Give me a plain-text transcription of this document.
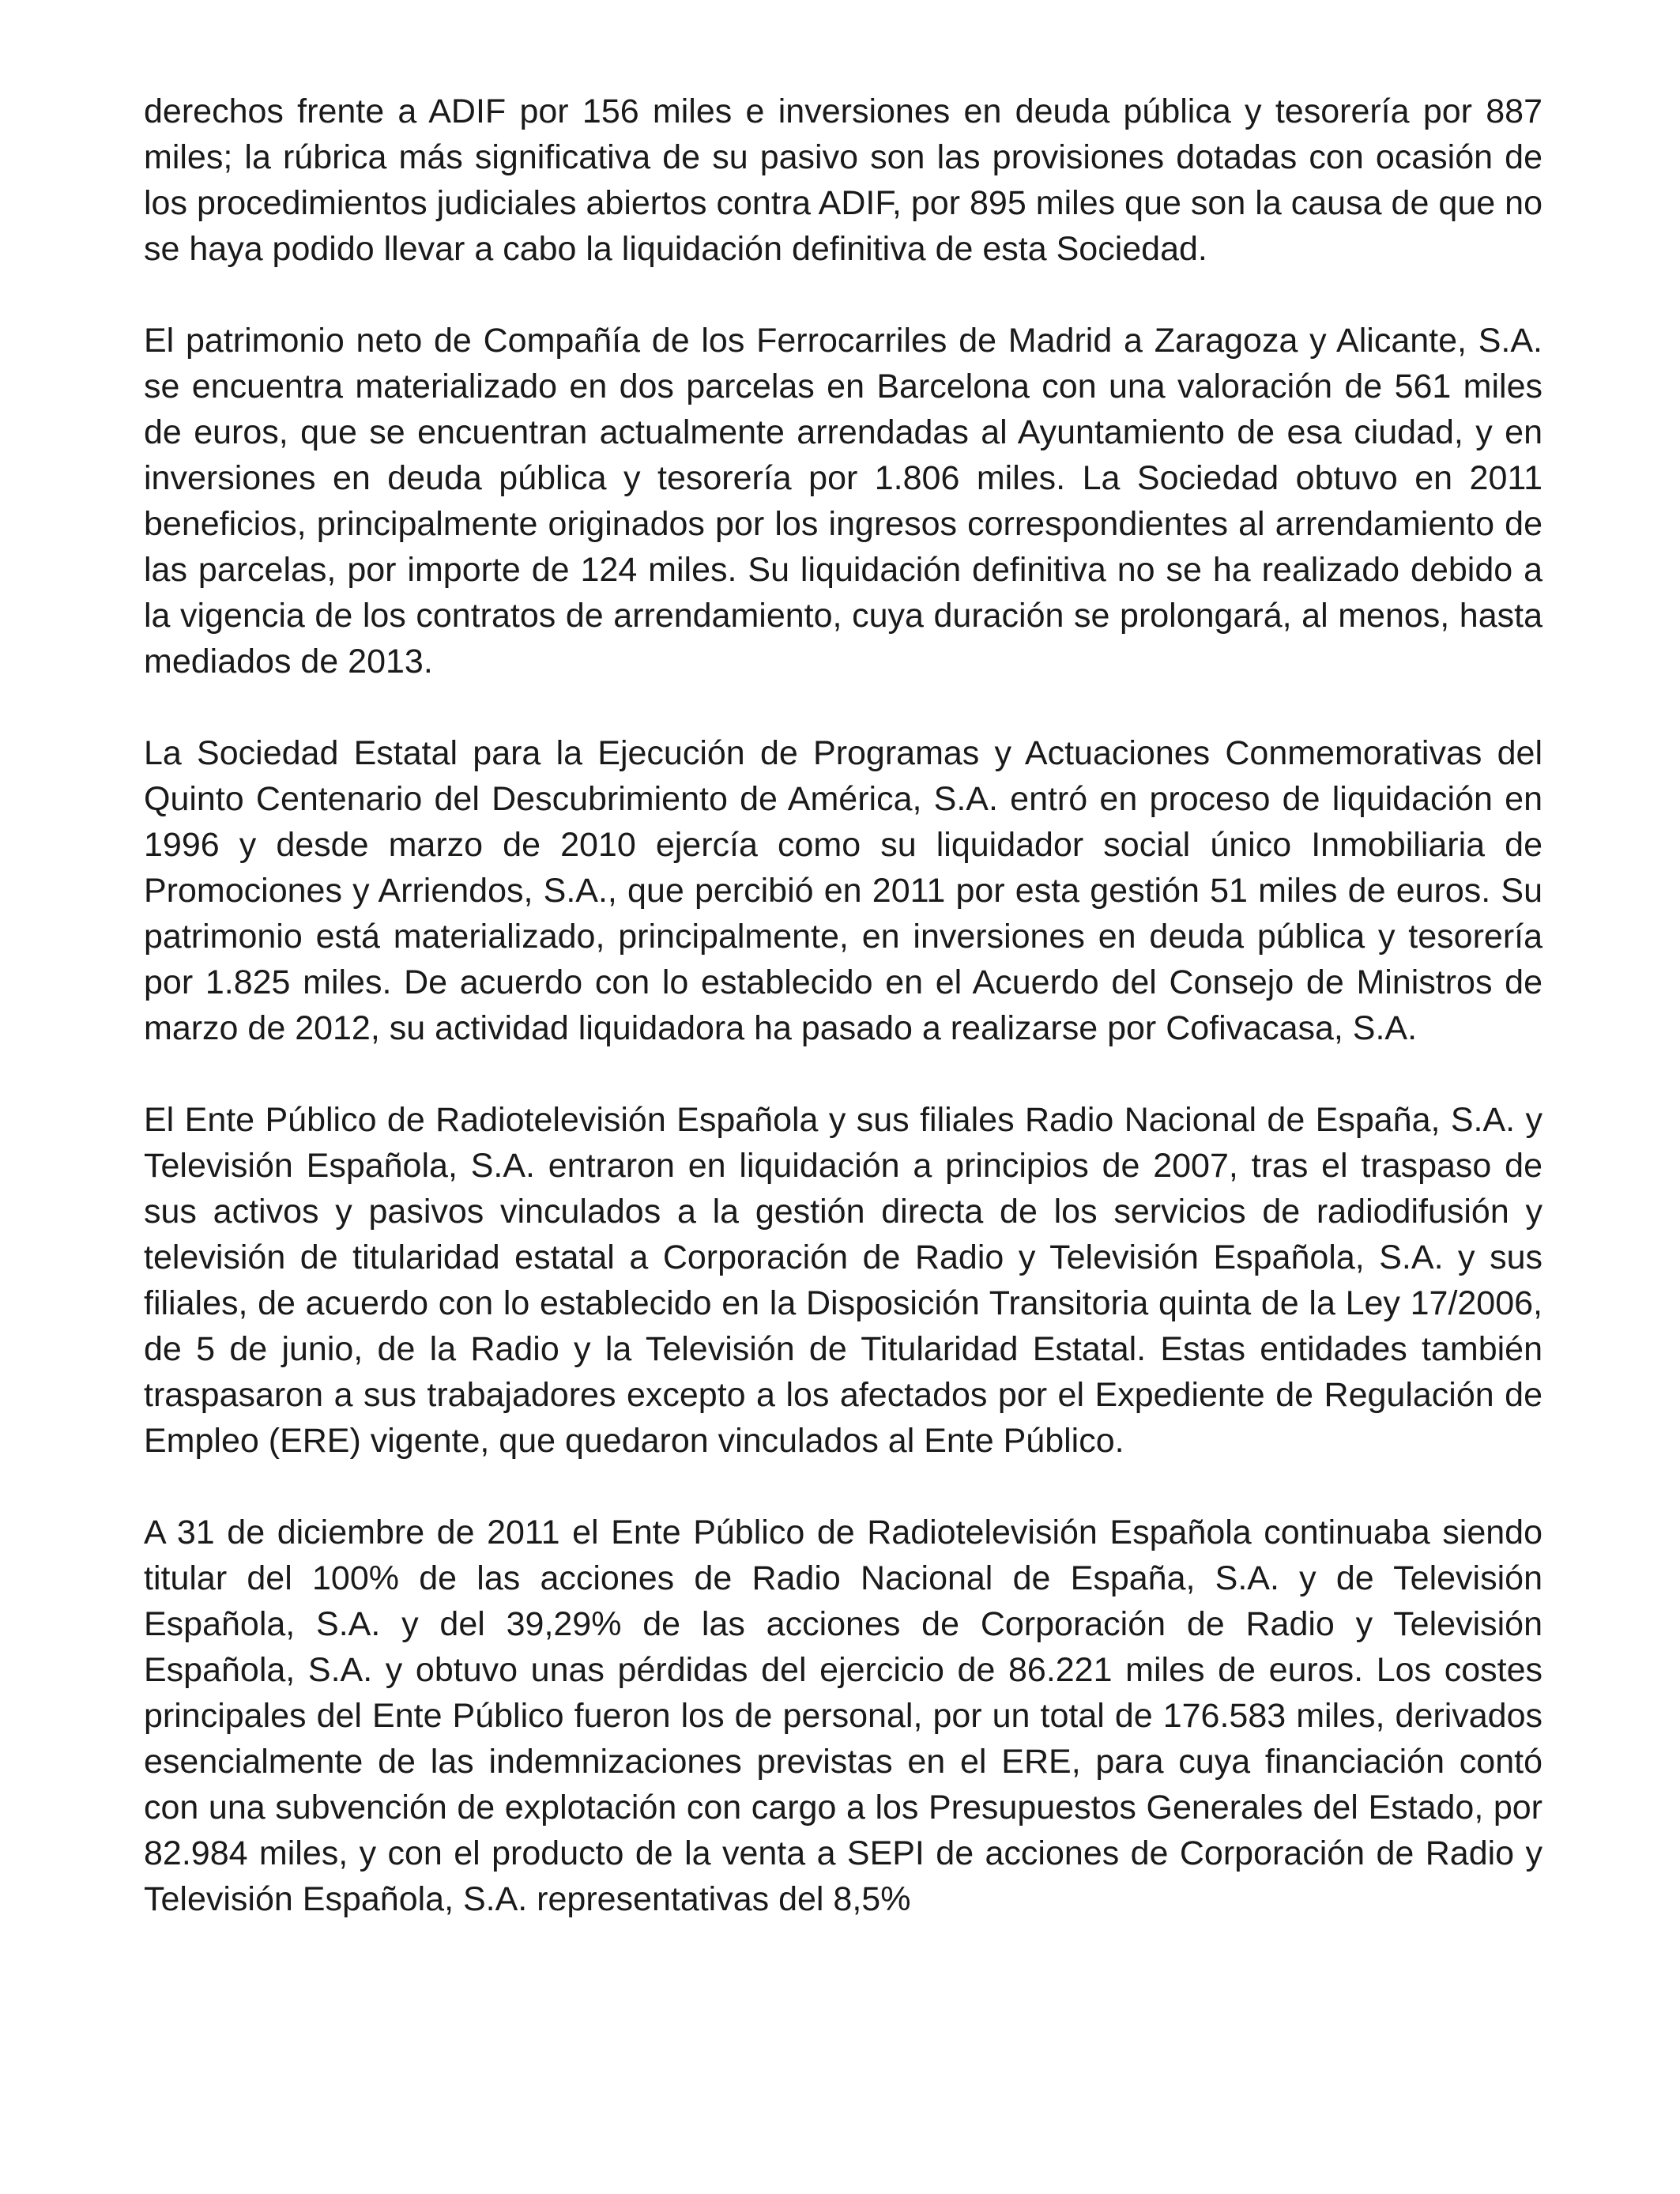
derechos frente a ADIF por 156 miles e inversiones en deuda pública y tesorería por 887 miles; la rúbrica más significativa de su pasivo son las provisiones dotadas con ocasión de los procedimientos judiciales abiertos contra ADIF, por 895 miles que son la causa de que no se haya podido llevar a cabo la liquidación definitiva de esta Sociedad.

El patrimonio neto de Compañía de los Ferrocarriles de Madrid a Zaragoza y Alicante, S.A. se encuentra materializado en dos parcelas en Barcelona con una valoración de 561 miles de euros, que se encuentran actualmente arrendadas al Ayuntamiento de esa ciudad, y en inversiones en deuda pública y tesorería por 1.806 miles. La Sociedad obtuvo en 2011 beneficios, principalmente originados por los ingresos correspondientes al arrendamiento de las parcelas, por importe de 124 miles. Su liquidación definitiva no se ha realizado debido a la vigencia de los contratos de arrendamiento, cuya duración se prolongará, al menos, hasta mediados de 2013.

La Sociedad Estatal para la Ejecución de Programas y Actuaciones Conmemorativas del Quinto Centenario del Descubrimiento de América, S.A. entró en proceso de liquidación en 1996 y desde marzo de 2010 ejercía como su liquidador social único Inmobiliaria de Promociones y Arriendos, S.A., que percibió en 2011 por esta gestión 51 miles de euros. Su patrimonio está materializado, principalmente, en inversiones en deuda pública y tesorería por 1.825 miles. De acuerdo con lo establecido en el Acuerdo del Consejo de Ministros de marzo de 2012, su actividad liquidadora ha pasado a realizarse por Cofivacasa, S.A.

El Ente Público de Radiotelevisión Española y sus filiales Radio Nacional de España, S.A. y Televisión Española, S.A. entraron en liquidación a principios de 2007, tras el traspaso de sus activos y pasivos vinculados a la gestión directa de los servicios de radiodifusión y televisión de titularidad estatal a Corporación de Radio y Televisión Española, S.A. y sus filiales, de acuerdo con lo establecido en la Disposición Transitoria quinta de la Ley 17/2006, de 5 de junio, de la Radio y la Televisión de Titularidad Estatal. Estas entidades también traspasaron a sus trabajadores excepto a los afectados por el Expediente de Regulación de Empleo (ERE) vigente, que quedaron vinculados al Ente Público.

A 31 de diciembre de 2011 el Ente Público de Radiotelevisión Española continuaba siendo titular del 100% de las acciones de Radio Nacional de España, S.A. y de Televisión Española, S.A. y del 39,29% de las acciones de Corporación de Radio y Televisión Española, S.A. y obtuvo unas pérdidas del ejercicio de 86.221 miles de euros. Los costes principales del Ente Público fueron los de personal, por un total de 176.583 miles, derivados esencialmente de las indemnizaciones previstas en el ERE, para cuya financiación contó con una subvención de explotación con cargo a los Presupuestos Generales del Estado, por 82.984 miles, y con el producto de la venta a SEPI de acciones de Corporación de Radio y Televisión Española, S.A. representativas del 8,5%
